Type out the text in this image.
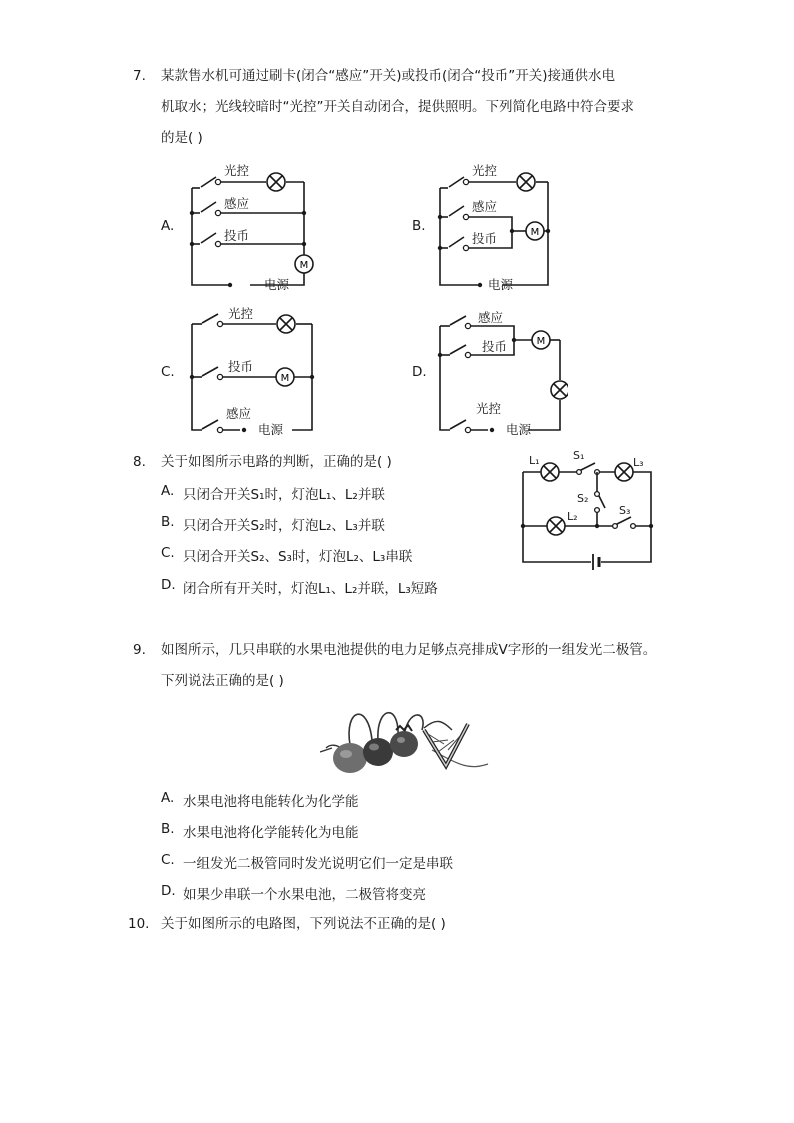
7. 某款售水机可通过刷卡(闭合“感应”开关)或投币(闭合“投币”开关)接通供水电
机取水；光线较暗时“光控”开关自动闭合，提供照明。下列简化电路中符合要求
的是( )
A.
M
光控
感应
投币
电源
B.	M
光控
感应
投币
电源
C.	M
光控
投币
感应
电源
D.
M
感应
投币
光控
电源
8. 关于如图所示电路的判断，正确的是( )
A. 只闭合开关S₁时，灯泡L₁、L₂并联
B. 只闭合开关S₂时，灯泡L₂、L₃并联
C. 只闭合开关S₂、S₃时，灯泡L₂、L₃串联
D. 闭合所有开关时，灯泡L₁、L₂并联，L₃短路
L₁	S₁
L₃
S₂
L₂	S₃
9. 如图所示，几只串联的水果电池提供的电力足够点亮排成V字形的一组发光二极管。
下列说法正确的是( )
A. 水果电池将电能转化为化学能
B. 水果电池将化学能转化为电能
C. 一组发光二极管同时发光说明它们一定是串联
D. 如果少串联一个水果电池，二极管将变亮
10. 关于如图所示的电路图，下列说法不正确的是( )
